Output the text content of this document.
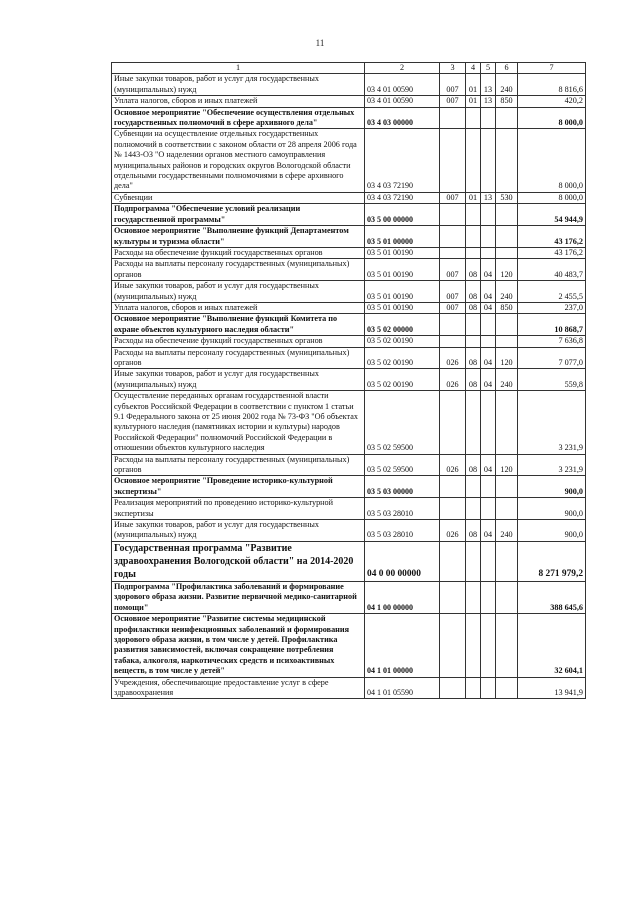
11
1	2	3	4	5	6	7
Иные закупки товаров, работ и услуг для государственных (муниципальных) нужд	03 4 01 00590	007	01	13	240	8 816,6
Уплата налогов, сборов и иных платежей	03 4 01 00590	007	01	13	850	420,2
Основное мероприятие "Обеспечение осуществления отдельных государственных полномочий в сфере архивного дела"	03 4 03 00000					8 000,0
Субвенции на осуществление отдельных государственных полномочий в соответствии с законом области от 28 апреля 2006 года № 1443-ОЗ "О наделении органов местного самоуправления муниципальных районов и городских округов Вологодской области отдельными государственными полномочиями в сфере архивного дела"	03 4 03 72190					8 000,0
Субвенции	03 4 03 72190	007	01	13	530	8 000,0
Подпрограмма "Обеспечение условий реализации государственной программы"	03 5 00 00000					54 944,9
Основное мероприятие "Выполнение функций Департаментом культуры и туризма области"	03 5 01 00000					43 176,2
Расходы на обеспечение функций государственных органов	03 5 01 00190					43 176,2
Расходы на выплаты персоналу государственных (муниципальных) органов	03 5 01 00190	007	08	04	120	40 483,7
Иные закупки товаров, работ и услуг для государственных (муниципальных) нужд	03 5 01 00190	007	08	04	240	2 455,5
Уплата налогов, сборов и иных платежей	03 5 01 00190	007	08	04	850	237,0
Основное мероприятие "Выполнение функций Комитета по охране объектов культурного наследия области"	03 5 02 00000					10 868,7
Расходы на обеспечение функций государственных органов	03 5 02 00190					7 636,8
Расходы на выплаты персоналу государственных (муниципальных) органов	03 5 02 00190	026	08	04	120	7 077,0
Иные закупки товаров, работ и услуг для государственных (муниципальных) нужд	03 5 02 00190	026	08	04	240	559,8
Осуществление переданных органам государственной власти субъектов Российской Федерации в соответствии с пунктом 1 статьи 9.1 Федерального закона от 25 июня 2002 года № 73-ФЗ "Об объектах культурного наследия (памятниках истории и культуры) народов Российской Федерации" полномочий Российской Федерации в отношении объектов культурного наследия	03 5 02 59500					3 231,9
Расходы на выплаты персоналу государственных (муниципальных) органов	03 5 02 59500	026	08	04	120	3 231,9
Основное мероприятие "Проведение историко-культурной экспертизы"	03 5 03 00000					900,0
Реализация мероприятий по проведению историко-культурной экспертизы	03 5 03 28010					900,0
Иные закупки товаров, работ и услуг для государственных (муниципальных) нужд	03 5 03 28010	026	08	04	240	900,0
Государственная программа "Развитие здравоохранения Вологодской области" на 2014-2020 годы	04 0 00 00000					8 271 979,2
Подпрограмма "Профилактика заболеваний и формирование здорового образа жизни. Развитие первичной медико-санитарной помощи"	04 1 00 00000					388 645,6
Основное мероприятие "Развитие системы медицинской профилактики неинфекционных заболеваний и формирования здорового образа жизни, в том числе у детей. Профилактика развития зависимостей, включая сокращение потребления табака, алкоголя, наркотических средств и психоактивных веществ, в том числе у детей"	04 1 01 00000					32 604,1
Учреждения, обеспечивающие предоставление услуг в сфере здравоохранения	04 1 01 05590					13 941,9
